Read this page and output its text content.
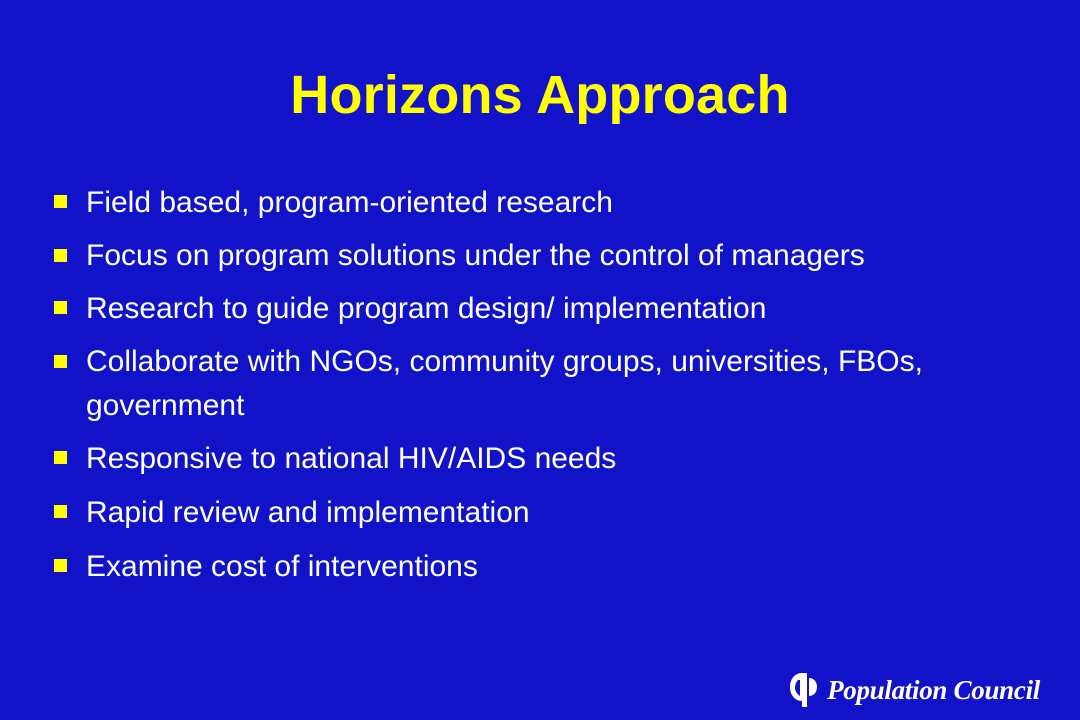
Horizons Approach
Field based, program-oriented research
Focus on program solutions under the control of managers
Research to guide program design/ implementation
Collaborate with NGOs, community groups, universities, FBOs, government
Responsive to national HIV/AIDS needs
Rapid review and implementation
Examine cost of interventions
Population Council
